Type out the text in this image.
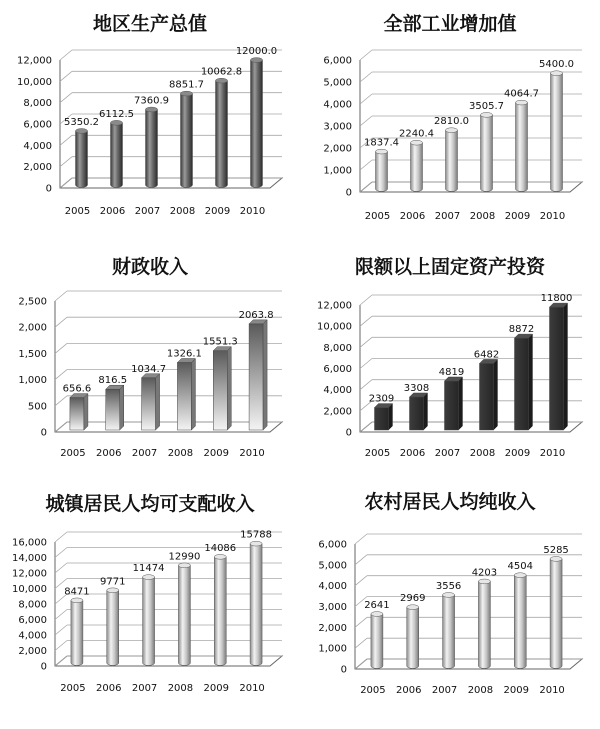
地区生产总值
0
2,000
4,000
6,000
8,000
10,000
12,000
5350.2
2005
6112.5
2006
7360.9
2007
8851.7
2008
10062.8
2009
12000.0
2010
全部工业增加值
0
1,000
2,000
3,000
4,000
5,000
6,000
1837.4
2005
2240.4
2006
2810.0
2007
3505.7
2008
4064.7
2009
5400.0
2010
财政收入
0
500
1,000
1,500
2,000
2,500
656.6
2005
816.5
2006
1034.7
2007
1326.1
2008
1551.3
2009
2063.8
2010
限额以上固定资产投资
0
2,000
4,000
6,000
8,000
10,000
12,000
2309
2005
3308
2006
4819
2007
6482
2008
8872
2009
11800
2010
城镇居民人均可支配收入
0
2,000
4,000
6,000
8,000
10,000
12,000
14,000
16,000
8471
2005
9771
2006
11474
2007
12990
2008
14086
2009
15788
2010
农村居民人均纯收入
0
1,000
2,000
3,000
4,000
5,000
6,000
2641
2005
2969
2006
3556
2007
4203
2008
4504
2009
5285
2010
